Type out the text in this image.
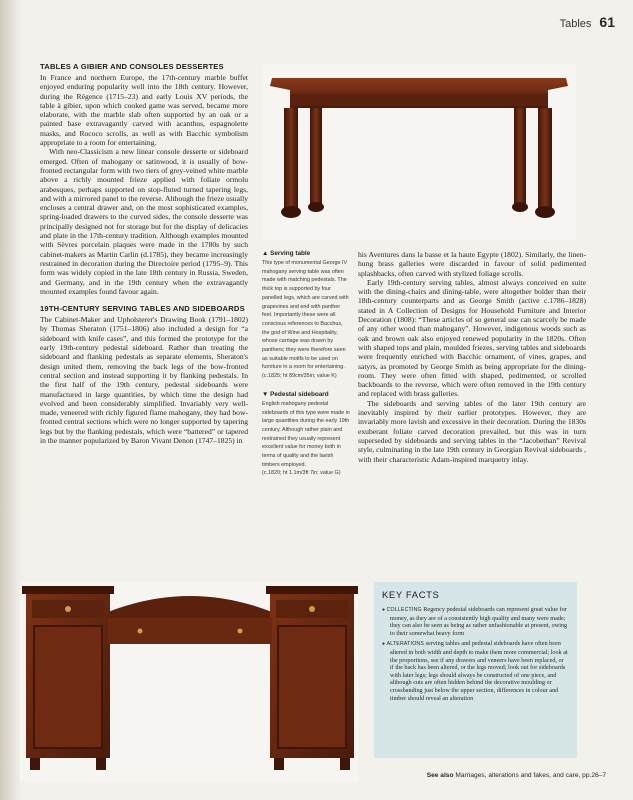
Tables 61
TABLES A GIBIER AND CONSOLES DESSERTES

In France and northern Europe, the 17th-century marble buffet enjoyed enduring popularity well into the 18th century. However, during the Régence (1715–23) and early Louis XV periods, the table à gibier, upon which cooked game was served, became more elaborate, with the marble slab often supported by an oak or a painted base extravagantly carved with acanthus, espagnolette masks, and Rococo scrolls, as well as with Bacchic symbolism appropriate to a room for entertaining.

With neo-Classicism a new linear console desserte or sideboard emerged. Often of mahogany or satinwood, it is usually of bow-fronted rectangular form with two tiers of grey-veined white marble above a richly mounted frieze applied with foliate ormolu arabesques, perhaps supported on stop-fluted turned tapering legs, and with a mirrored panel to the reverse. Although the frieze usually encloses a central drawer and, on the most sophisticated examples, spring-loaded drawers to the curved sides, the console desserte was principally designed not for storage but for the display of delicacies and plate in the 17th-century tradition. Although examples mounted with Sèvres porcelain plaques were made in the 1780s by such cabinet-makers as Martin Carlin (d.1785), they became increasingly restrained in decoration during the Directoire period (1795–9). This form was widely copied in the late 18th century in Russia, Sweden, and Germany, and in the 19th century when the extravagantly mounted examples found favour again.

19TH-CENTURY SERVING TABLES AND SIDEBOARDS

The Cabinet-Maker and Upholsterer's Drawing Book (1791–1802) by Thomas Sheraton (1751–1806) also included a design for “a sideboard with knife cases”, and this formed the prototype for the early 19th-century pedestal sideboard. Rather than treating the sideboard and flanking pedestals as separate elements, Sheraton's design united them, removing the back legs of the bow-fronted central section and instead supporting it by flanking pedestals. In the first half of the 19th century, pedestal sideboards were manufactured in large quantities, by which time the design had evolved and been considerably simplified. Invariably very well-made, veneered with richly figured flame mahogany, they had bow-fronted central sections which were no longer supported by tapering legs but by the flanking pedestals, which were “battered” or tapered in the manner popularized by Baron Vivant Denon (1747–1825) in

▲ Serving table

This type of monumental George IV mahogany serving table was often made with matching pedestals. The thick top is supported by four panelled legs, which are carved with grapevines and end with panther feet. Importantly these were all conscious references to Bacchus, the god of Wine and Hospitality, whose carriage was drawn by panthers; they were therefore seen as suitable motifs to be used on furniture in a room for entertaining.

(c.1825; ht 89cm/35in; value K)

▼ Pedestal sideboard

English mahogany pedestal sideboards of this type were made in large quantities during the early 19th century. Although rather plain and restrained they usually represent excellent value for money both in terms of quality and the lavish timbers employed.

(c.1820; ht 1.1m/3ft 7in; value G)

his Aventures dans la basse et la haute Egypte (1802). Similarly, the linen-hung brass galleries were discarded in favour of solid pedimented splashbacks, often carved with stylized foliage scrolls.

Early 19th-century serving tables, almost always conceived en suite with the dining-chairs and dining-table, were altogether bolder than their 18th-century counterparts and as George Smith (active c.1786–1828) stated in A Collection of Designs for Household Furniture and Interior Decoration (1808): “These articles of so general use can scarcely be made of any other wood than mahogany”. However, indigenous woods such as oak and brown oak also enjoyed renewed popularity in the 1820s. Often with shaped tops and plain, moulded friezes, serving tables and sideboards were frequently enriched with Bacchic ornament, of vines, grapes, and satyrs, as promoted by George Smith as being appropriate for the dining-room. They were often fitted with shaped, pedimented, or scrolled backboards to the reverse, which were often removed in the 19th century and replaced with brass galleries.

The sideboards and serving tables of the later 19th century are inevitably inspired by their earlier prototypes. However, they are invariably more lavish and excessive in their decoration. During the 1830s exuberant foliate carved decoration prevailed, but this was in turn superseded by sideboards and serving tables in the “Jacobethan” Revival style, culminating in the late 19th century in Georgian Revival sideboards , with their characteristic Adam-inspired marquetry inlay.

KEY FACTS

● COLLECTING Regency pedestal sideboards can represent great value for money, as they are of a consistently high quality and many were made; they can also be seen as being as rather unfashionable at present, owing to their somewhat heavy form

● ALTERATIONS serving tables and pedestal sideboards have often been altered in both width and depth to make them more commercial; look at the proportions, see if any drawers and veneers have been replaced, or if the back has been altered, or the legs moved; look out for sideboards with later legs; legs should always be constructed of one piece, and although cuts are often hidden behind the decorative moulding or crossbanding just below the upper section, differences in colour and timber should reveal an alteration

See also Marriages, alterations and fakes, and care, pp.26–7
